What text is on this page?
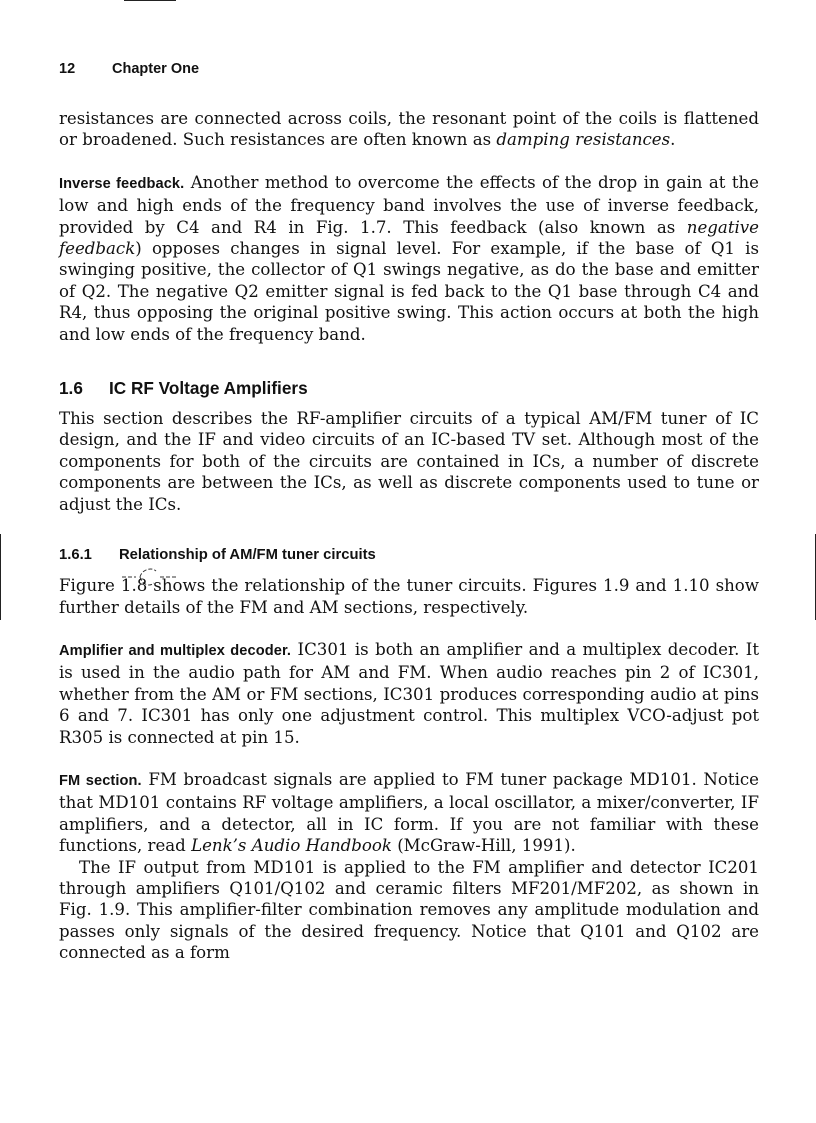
12	Chapter One

resistances are connected across coils, the resonant point of the coils is flattened or broadened. Such resistances are often known as damping resistances.

Inverse feedback. Another method to overcome the effects of the drop in gain at the low and high ends of the frequency band involves the use of inverse feedback, provided by C4 and R4 in Fig. 1.7. This feedback (also known as negative feedback) opposes changes in signal level. For example, if the base of Q1 is swinging positive, the collector of Q1 swings negative, as do the base and emitter of Q2. The negative Q2 emitter signal is fed back to the Q1 base through C4 and R4, thus opposing the original positive swing. This action occurs at both the high and low ends of the frequency band.

1.6 IC RF Voltage Amplifiers

This section describes the RF-amplifier circuits of a typical AM/FM tuner of IC design, and the IF and video circuits of an IC-based TV set. Although most of the components for both of the circuits are contained in ICs, a number of discrete components are between the ICs, as well as discrete components used to tune or adjust the ICs.

1.6.1 Relationship of AM/FM tuner circuits

Figure 1.8 shows the relationship of the tuner circuits. Figures 1.9 and 1.10 show further details of the FM and AM sections, respectively.

Amplifier and multiplex decoder. IC301 is both an amplifier and a multiplex decoder. It is used in the audio path for AM and FM. When audio reaches pin 2 of IC301, whether from the AM or FM sections, IC301 produces corresponding audio at pins 6 and 7. IC301 has only one adjustment control. This multiplex VCO-adjust pot R305 is connected at pin 15.

FM section. FM broadcast signals are applied to FM tuner package MD101. Notice that MD101 contains RF voltage amplifiers, a local oscillator, a mixer/converter, IF amplifiers, and a detector, all in IC form. If you are not familiar with these functions, read Lenk’s Audio Handbook (McGraw-Hill, 1991).

The IF output from MD101 is applied to the FM amplifier and detector IC201 through amplifiers Q101/Q102 and ceramic filters MF201/MF202, as shown in Fig. 1.9. This amplifier-filter combination removes any amplitude modulation and passes only signals of the desired frequency. Notice that Q101 and Q102 are connected as a form
